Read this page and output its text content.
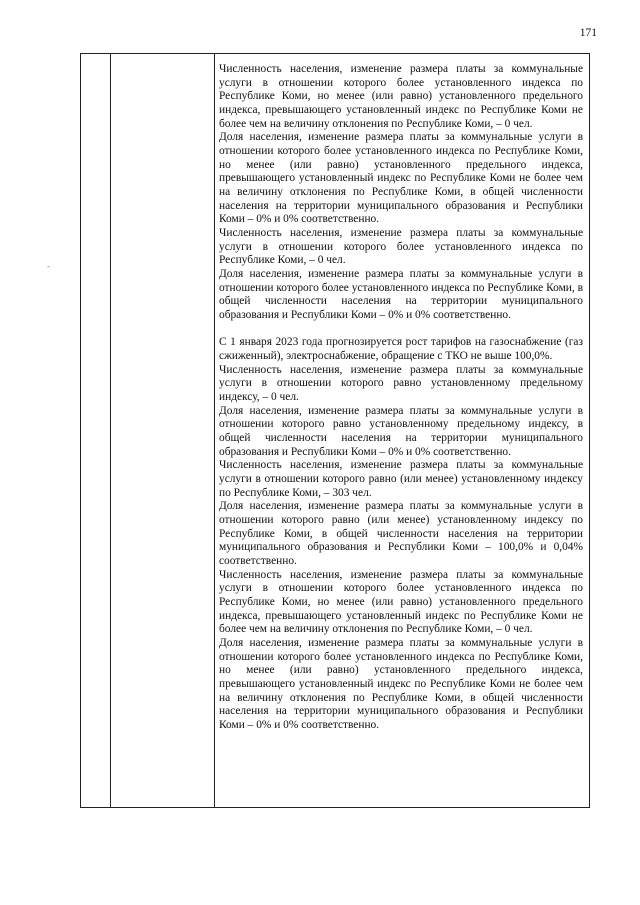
171
-

Численность населения, изменение размера платы за коммунальные услуги в отношении которого более установленного индекса по Республике Коми, но менее (или равно) установленного предельного индекса, превышающего установленный индекс по Республике Коми не более чем на величину отклонения по Республике Коми, – 0 чел.

Доля населения, изменение размера платы за коммунальные услуги в отношении которого более установленного индекса по Республике Коми, но менее (или равно) установленного предельного индекса, превышающего установленный индекс по Республике Коми не более чем на величину отклонения по Республике Коми, в общей численности населения на территории муниципального образования и Республики Коми – 0% и 0% соответственно.

Численность населения, изменение размера платы за коммунальные услуги в отношении которого более установленного индекса по Республике Коми, – 0 чел.

Доля населения, изменение размера платы за коммунальные услуги в отношении которого более установленного индекса по Республике Коми, в общей численности населения на территории муниципального образования и Республики Коми – 0% и 0% соответственно.

С 1 января 2023 года прогнозируется рост тарифов на газоснабжение (газ сжиженный), электроснабжение, обращение с ТКО не выше 100,0%.

Численность населения, изменение размера платы за коммунальные услуги в отношении которого равно установленному предельному индексу, – 0 чел.

Доля населения, изменение размера платы за коммунальные услуги в отношении которого равно установленному предельному индексу, в общей численности населения на территории муниципального образования и Республики Коми – 0% и 0% соответственно.

Численность населения, изменение размера платы за коммунальные услуги в отношении которого равно (или менее) установленному индексу по Республике Коми, – 303 чел.

Доля населения, изменение размера платы за коммунальные услуги в отношении которого равно (или менее) установленному индексу по Республике Коми, в общей численности населения на территории муниципального образования и Республики Коми – 100,0% и 0,04% соответственно.

Численность населения, изменение размера платы за коммунальные услуги в отношении которого более установленного индекса по Республике Коми, но менее (или равно) установленного предельного индекса, превышающего установленный индекс по Республике Коми не более чем на величину отклонения по Республике Коми, – 0 чел.

Доля населения, изменение размера платы за коммунальные услуги в отношении которого более установленного индекса по Республике Коми, но менее (или равно) установленного предельного индекса, превышающего установленный индекс по Республике Коми не более чем на величину отклонения по Республике Коми, в общей численности населения на территории муниципального образования и Республики Коми – 0% и 0% соответственно.
